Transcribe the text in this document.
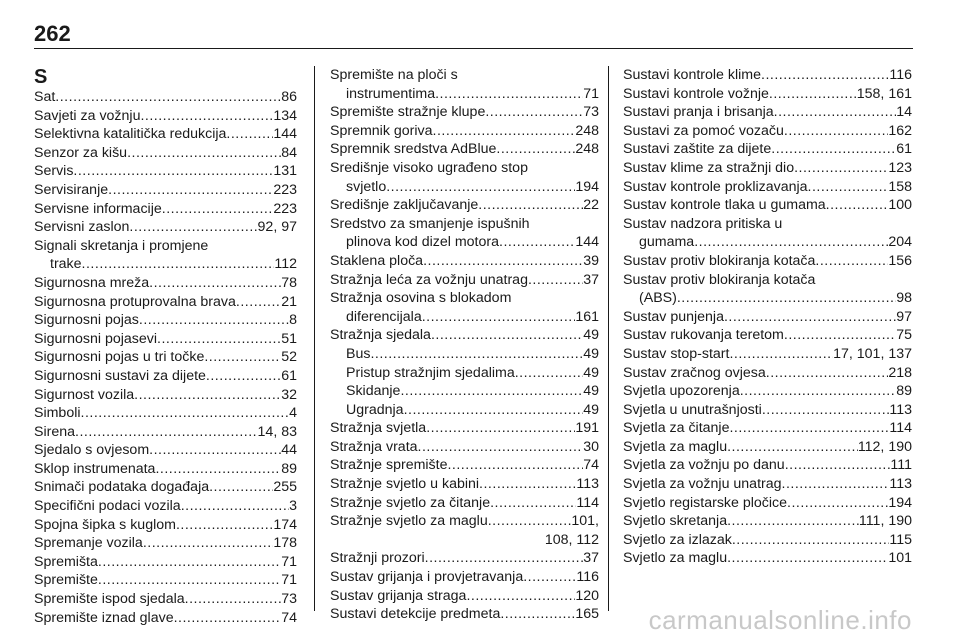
262
S
Sat .....	86
Savjeti za vožnju .....	134
Selektivna katalitička redukcija .....	144
Senzor za kišu .....	84
Servis .....	131
Servisiranje .....	223
Servisne informacije .....	223
Servisni zaslon .....	92, 97
Signali skretanja i promjene
trake .....	112
Sigurnosna mreža .....	78
Sigurnosna protuprovalna brava .....	21
Sigurnosni pojas .....	8
Sigurnosni pojasevi .....	51
Sigurnosni pojas u tri točke .....	52
Sigurnosni sustavi za dijete .....	61
Sigurnost vozila .....	32
Simboli .....	4
Sirena .....	14, 83
Sjedalo s ovjesom .....	44
Sklop instrumenata .....	89
Snimači podataka događaja .....	255
Specifični podaci vozila .....	3
Spojna šipka s kuglom .....	174
Spremanje vozila .....	178
Spremišta .....	71
Spremište .....	71
Spremište ispod sjedala .....	73
Spremište iznad glave .....	74
Spremište na ploči s
instrumentima .....	71
Spremište stražnje klupe .....	73
Spremnik goriva .....	248
Spremnik sredstva AdBlue .....	248
Središnje visoko ugrađeno stop
svjetlo .....	194
Središnje zaključavanje .....	22
Sredstvo za smanjenje ispušnih
plinova kod dizel motora .....	144
Staklena ploča .....	39
Stražnja leća za vožnju unatrag .....	37
Stražnja osovina s blokadom
diferencijala .....	161
Stražnja sjedala .....	49
Bus .....	49
Pristup stražnjim sjedalima .....	49
Skidanje .....	49
Ugradnja .....	49
Stražnja svjetla .....	191
Stražnja vrata .....	30
Stražnje spremište .....	74
Stražnje svjetlo u kabini .....	113
Stražnje svjetlo za čitanje .....	114
Stražnje svjetlo za maglu .....	101,
108, 112
Stražnji prozori .....	37
Sustav grijanja i provjetravanja .....	116
Sustav grijanja straga .....	120
Sustavi detekcije predmeta .....	165
Sustavi kontrole klime .....	116
Sustavi kontrole vožnje .....	158, 161
Sustavi pranja i brisanja .....	14
Sustavi za pomoć vozaču .....	162
Sustavi zaštite za dijete .....	61
Sustav klime za stražnji dio .....	123
Sustav kontrole proklizavanja .....	158
Sustav kontrole tlaka u gumama .....	100
Sustav nadzora pritiska u
gumama .....	204
Sustav protiv blokiranja kotača .....	156
Sustav protiv blokiranja kotača
(ABS) .....	98
Sustav punjenja .....	97
Sustav rukovanja teretom .....	75
Sustav stop-start .....	17, 101, 137
Sustav zračnog ovjesa .....	218
Svjetla upozorenja .....	89
Svjetla u unutrašnjosti .....	113
Svjetla za čitanje .....	114
Svjetla za maglu .....	112, 190
Svjetla za vožnju po danu .....	111
Svjetla za vožnju unatrag .....	113
Svjetlo registarske pločice .....	194
Svjetlo skretanja .....	111, 190
Svjetlo za izlazak .....	115
Svjetlo za maglu .....	101
carmanualsonline.info
